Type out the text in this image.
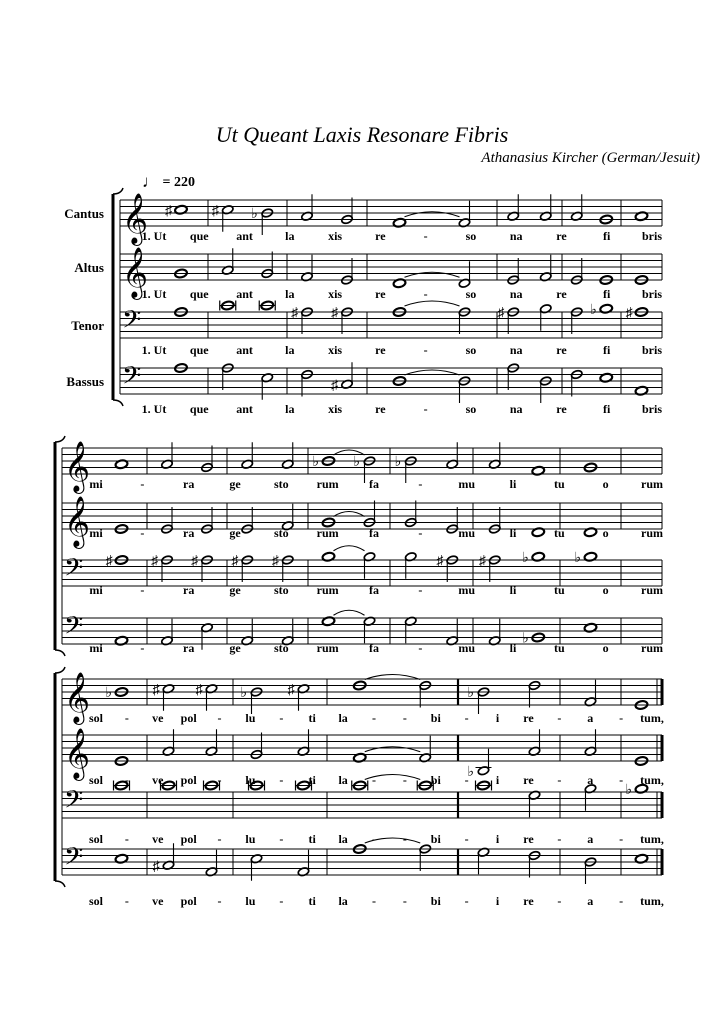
Ut Queant Laxis Resonare Fibris
Athanasius Kircher (German/Jesuit)
♩ = 220
𝄞
Cantus	♯	♯ ♭
1. Ut que ant	la	xis	re	-	so	na	re	fi	bris
𝄞
Altus
1. Ut que ant	la	xis	re	-	so	na	re	fi	bris
𝄢
Tenor
♯ ♯	♯	♭ ♯
1. Ut que ant	la	xis	re	-	so	na	re	fi	bris
𝄢
Bassus	♯
1. Ut que ant	la	xis	re	-	so	na	re	fi	bris
𝄞	♭ ♭ ♭
mi	-	ra	ge	sto rum	fa	-	mu	li	tu	o	rum
𝄞 mi	-	ra	ge	sto rum	fa	-	mu	li	tu	o	rum
𝄢 ♯	♯ ♯ ♯ ♯	♯	♯	♭	♭
mi	-	ra	ge	sto rum	fa	-	mu	li	tu	o	rum
𝄢	♭
mi	-	ra	ge	sto rum	fa	-	mu	li	tu	o	rum
𝄞 ♭	♯	♯	♭	♯	♭
sol - ve pol - lu - ti la - - bi - i re - a - tum,
𝄞	♭
sol - ve pol - lu - ti la - - bi - i re - a - tum,
𝄢	♭
sol - ve pol - lu - ti la - - bi - i re - a - tum,
𝄢	♯
sol - ve pol - lu - ti la - - bi - i re - a - tum,
